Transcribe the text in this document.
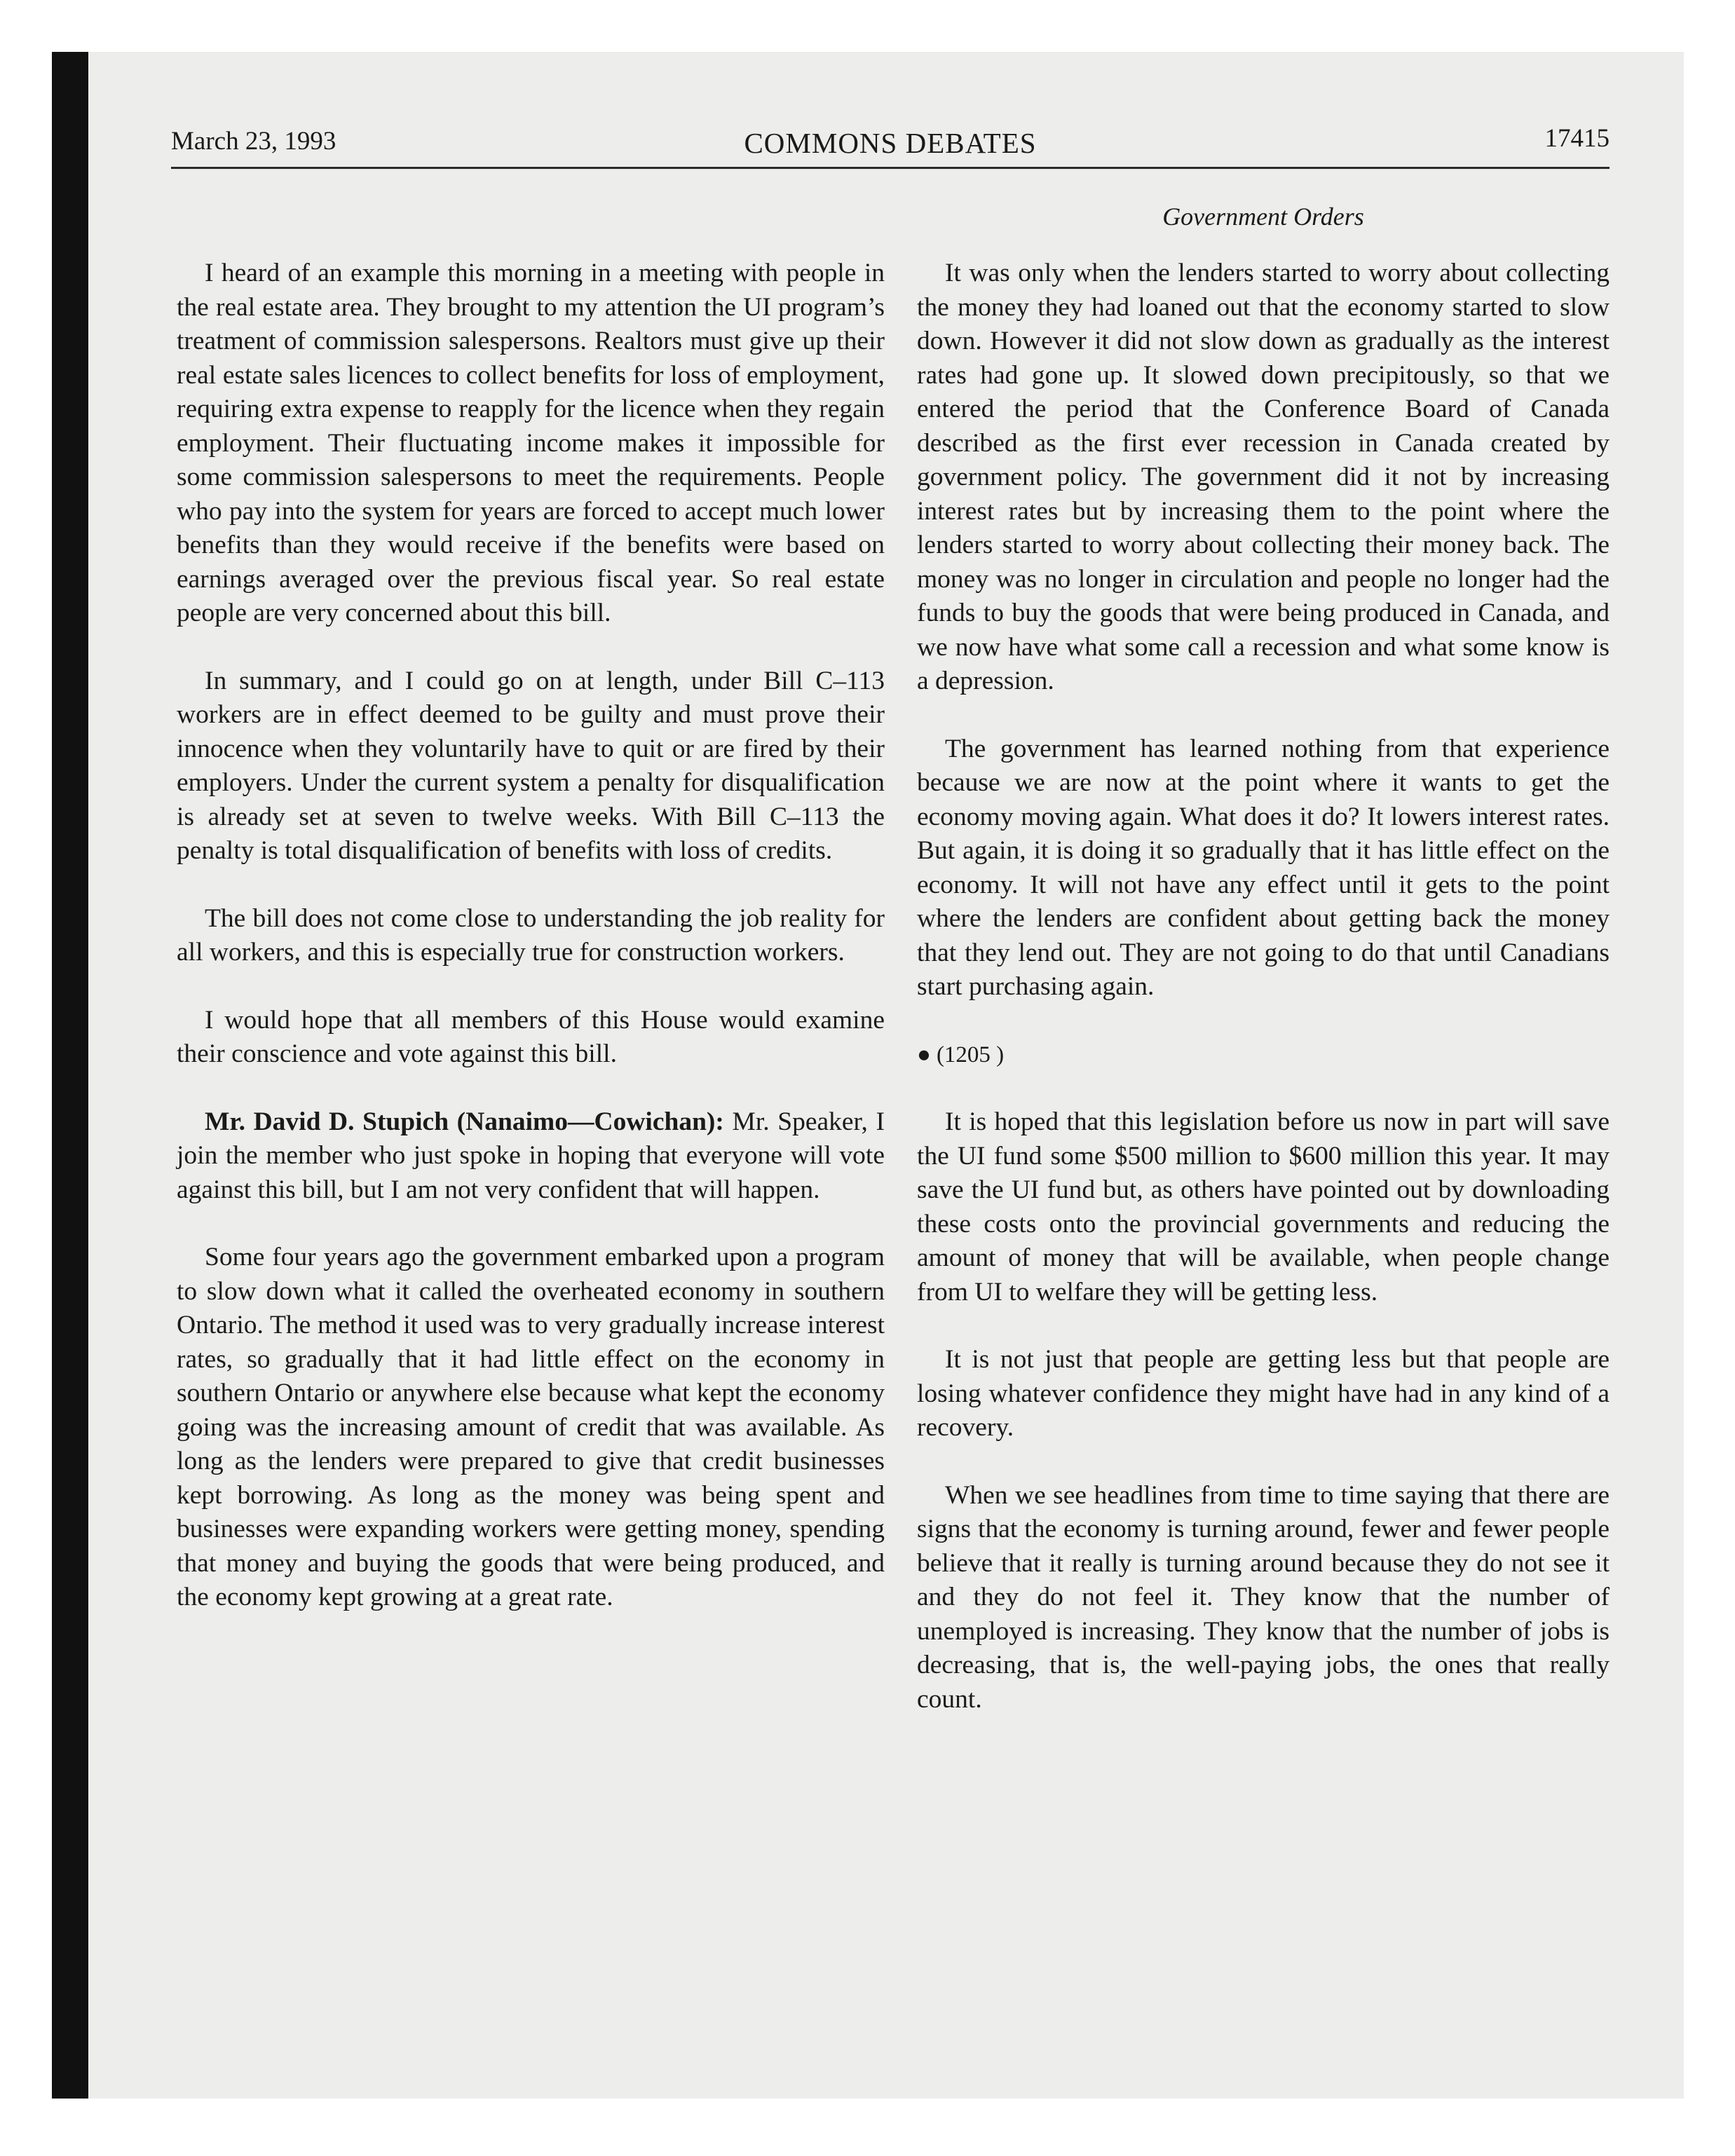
March 23, 1993	COMMONS DEBATES	17415
Government Orders

I heard of an example this morning in a meeting with people in the real estate area. They brought to my attention the UI program’s treatment of commission salespersons. Realtors must give up their real estate sales licences to collect benefits for loss of employment, requiring extra expense to reapply for the licence when they regain employment. Their fluctuating income makes it impossible for some commission salespersons to meet the requirements. People who pay into the system for years are forced to accept much lower benefits than they would receive if the benefits were based on earnings averaged over the previous fiscal year. So real estate people are very concerned about this bill.

In summary, and I could go on at length, under Bill C–113 workers are in effect deemed to be guilty and must prove their innocence when they voluntarily have to quit or are fired by their employers. Under the current system a penalty for disqualification is already set at seven to twelve weeks. With Bill C–113 the penalty is total disqualification of benefits with loss of credits.

The bill does not come close to understanding the job reality for all workers, and this is especially true for construction workers.

I would hope that all members of this House would examine their conscience and vote against this bill.

Mr. David D. Stupich (Nanaimo—Cowichan): Mr. Speaker, I join the member who just spoke in hoping that everyone will vote against this bill, but I am not very confident that will happen.

Some four years ago the government embarked upon a program to slow down what it called the overheated economy in southern Ontario. The method it used was to very gradually increase interest rates, so gradually that it had little effect on the economy in southern Ontario or anywhere else because what kept the economy going was the increasing amount of credit that was available. As long as the lenders were prepared to give that credit businesses kept borrowing. As long as the money was being spent and businesses were expanding workers were getting money, spending that money and buying the goods that were being produced, and the economy kept growing at a great rate.

It was only when the lenders started to worry about collecting the money they had loaned out that the economy started to slow down. However it did not slow down as gradually as the interest rates had gone up. It slowed down precipitously, so that we entered the period that the Conference Board of Canada described as the first ever recession in Canada created by government policy. The government did it not by increasing interest rates but by increasing them to the point where the lenders started to worry about collecting their money back. The money was no longer in circulation and people no longer had the funds to buy the goods that were being produced in Canada, and we now have what some call a recession and what some know is a depression.

The government has learned nothing from that experience because we are now at the point where it wants to get the economy moving again. What does it do? It lowers interest rates. But again, it is doing it so gradually that it has little effect on the economy. It will not have any effect until it gets to the point where the lenders are confident about getting back the money that they lend out. They are not going to do that until Canadians start purchasing again.

● (1205 )

It is hoped that this legislation before us now in part will save the UI fund some $500 million to $600 million this year. It may save the UI fund but, as others have pointed out by downloading these costs onto the provincial governments and reducing the amount of money that will be available, when people change from UI to welfare they will be getting less.

It is not just that people are getting less but that people are losing whatever confidence they might have had in any kind of a recovery.

When we see headlines from time to time saying that there are signs that the economy is turning around, fewer and fewer people believe that it really is turning around because they do not see it and they do not feel it. They know that the number of unemployed is increasing. They know that the number of jobs is decreasing, that is, the well-paying jobs, the ones that really count.
